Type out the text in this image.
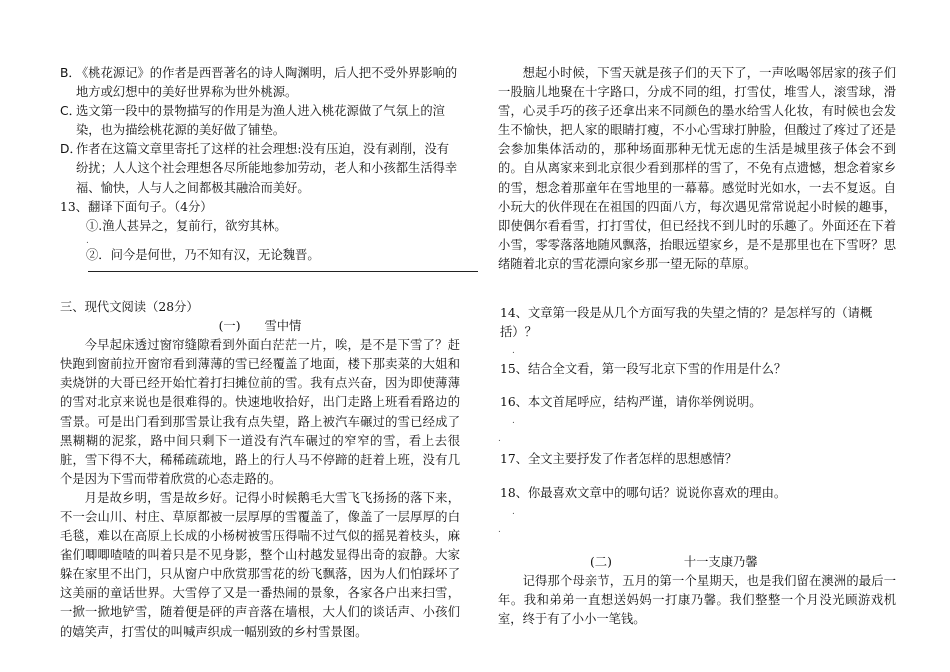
B．
《桃花源记》的作者是西晋著名的诗人陶渊明，后人把不受外界影响的地方或幻想中的美好世界称为世外桃源。
C．
选文第一段中的景物描写的作用是为渔人进入桃花源做了气氛上的渲染，也为描绘桃花源的美好做了铺垫。
D．
作者在这篇文章里寄托了这样的社会理想:没有压迫，没有剥削，没有纷扰；人人这个社会理想各尽所能地参加劳动，老人和小孩都生活得幸福、愉快，人与人之间都极其融洽而美好。
13、翻译下面句子。（4分）
①.渔人甚异之，复前行，欲穷其林。
.
②．问今是何世，乃不知有汉，无论魏晋。
三、现代文阅读（28分）
(一) 雪中情
今早起床透过窗帘缝隙看到外面白茫茫一片，唉，是不是下雪了？赶快跑到窗前拉开窗帘看到薄薄的雪已经覆盖了地面，楼下那卖菜的大姐和卖烧饼的大哥已经开始忙着打扫摊位前的雪。我有点兴奋，因为即使薄薄的雪对北京来说也是很难得的。快速地收拾好，出门走路上班看看路边的雪景。可是出门看到那雪景让我有点失望，路上被汽车碾过的雪已经成了黑糊糊的泥浆，路中间只剩下一道没有汽车碾过的窄窄的雪，看上去很脏，雪下得不大，稀稀疏疏地，路上的行人马不停蹄的赶着上班，没有几个是因为下雪而带着欣赏的心态走路的。
月是故乡明，雪是故乡好。记得小时候鹅毛大雪飞飞扬扬的落下来，不一会山川、村庄、草原都被一层厚厚的雪覆盖了，像盖了一层厚厚的白毛毯，难以在高原上长成的小杨树被雪压得喘不过气似的摇晃着枝头，麻雀们唧唧喳喳的叫着只是不见身影，整个山村越发显得出奇的寂静。大家躲在家里不出门，只从窗户中欣赏那雪花的纷飞飘落，因为人们怕踩坏了这美丽的童话世界。大雪停了又是一番热闹的景象，各家各户出来扫雪，一掀一掀地铲雪，随着便是砰的声音落在墙根，大人们的谈话声、小孩们的嬉笑声，打雪仗的叫喊声织成一幅别致的乡村雪景图。
想起小时候，下雪天就是孩子们的天下了，一声吆喝邻居家的孩子们一股脑儿地聚在十字路口，分成不同的组，打雪仗，堆雪人，滚雪球，滑雪，心灵手巧的孩子还拿出来不同颜色的墨水给雪人化妆，有时候也会发生不愉快，把人家的眼睛打瘦，不小心雪球打肿脸，但酸过了疼过了还是会参加集体活动的，那种场面那种无忧无虑的生活是城里孩子体会不到的。自从离家来到北京很少看到那样的雪了，不免有点遗憾，想念着家乡的雪，想念着那童年在雪地里的一幕幕。感觉时光如水，一去不复返。自小玩大的伙伴现在在祖国的四面八方，每次遇见常常说起小时候的趣事，即使偶尔看看雪，打打雪仗，但已经找不到儿时的乐趣了。外面还在下着小雪，零零落落地随风飘落，抬眼远望家乡，是不是那里也在下雪呀？思绪随着北京的雪花漂向家乡那一望无际的草原。
14、文章第一段是从几个方面写我的失望之情的？是怎样写的（请概括）？
.
15、结合全文看，第一段写北京下雪的作用是什么？
16、本文首尾呼应，结构严谨，请你举例说明。
.
.
17、全文主要抒发了作者怎样的思想感情？
18、你最喜欢文章中的哪句话？说说你喜欢的理由。
.
.
(二)	十一支康乃馨
记得那个母亲节，五月的第一个星期天，也是我们留在澳洲的最后一年。我和弟弟一直想送妈妈一打康乃馨。我们整整一个月没光顾游戏机室，终于有了小小一笔钱。
